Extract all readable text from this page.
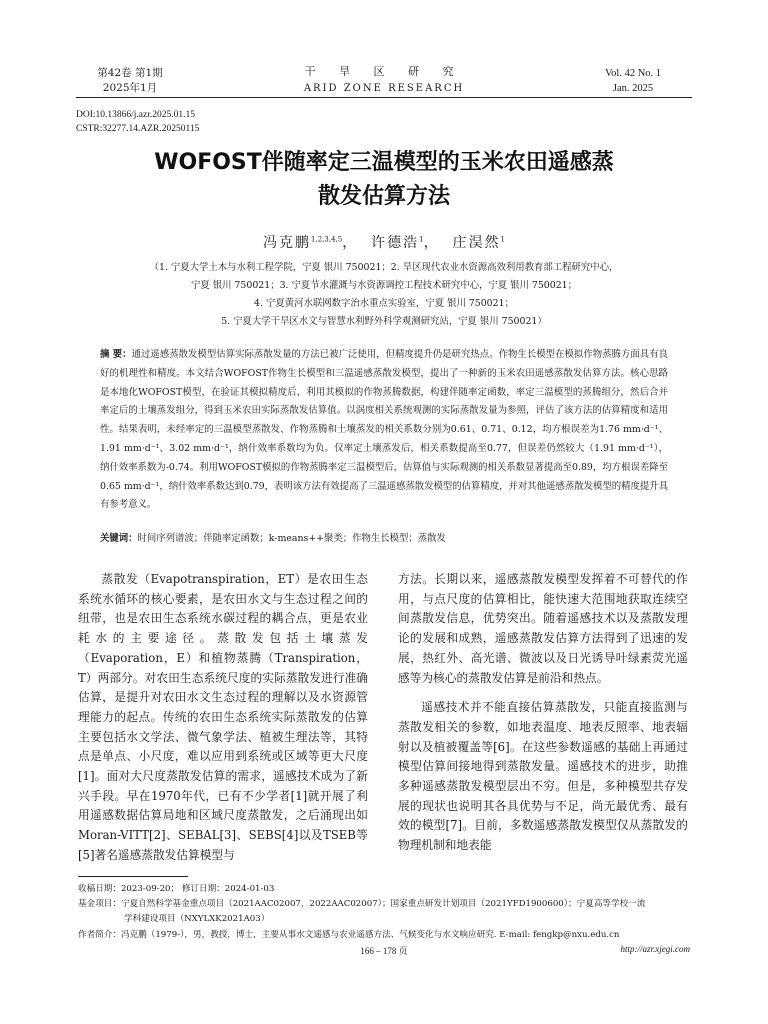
第42卷 第1期
2025年1月
干 旱 区 研 究
ARID ZONE RESEARCH
Vol. 42 No. 1
Jan. 2025
DOI:10.13866/j.azr.2025.01.15
CSTR:32277.14.AZR.20250115
WOFOST伴随率定三温模型的玉米农田遥感蒸
散发估算方法
冯克鹏$^{1,2,3,4,5}$，  许德浩$^1$，  庄淏然$^1$
（1. 宁夏大学土木与水利工程学院，宁夏 银川 750021；2. 旱区现代农业水资源高效利用教育部工程研究中心，
宁夏 银川 750021；3. 宁夏节水灌溉与水资源调控工程技术研究中心，宁夏 银川 750021；
4. 宁夏黄河水联网数字治水重点实验室，宁夏 银川 750021；
5. 宁夏大学干旱区水文与智慧水利野外科学观测研究站，宁夏 银川 750021）
摘 要：通过遥感蒸散发模型估算实际蒸散发量的方法已被广泛使用，但精度提升仍是研究热点。作物生长模型在模拟作物蒸腾方面具有良好的机理性和精度。本文结合WOFOST作物生长模型和三温遥感蒸散发模型，提出了一种新的玉米农田遥感蒸散发估算方法。核心思路是本地化WOFOST模型，在验证其模拟精度后，利用其模拟的作物蒸腾数据，构建伴随率定函数，率定三温模型的蒸腾组分，然后合并率定后的土壤蒸发组分，得到玉米农田实际蒸散发估算值。以涡度相关系统观测的实际蒸散发量为参照，评估了该方法的估算精度和适用性。结果表明，未经率定的三温模型蒸散发、作物蒸腾和土壤蒸发的相关系数分别为0.61、0.71、0.12，均方根误差为1.76 mm·d⁻¹、1.91 mm·d⁻¹、3.02 mm·d⁻¹，纳什效率系数均为负。仅率定土壤蒸发后，相关系数提高至0.77，但误差仍然较大（1.91 mm·d⁻¹），纳什效率系数为-0.74。利用WOFOST模拟的作物蒸腾率定三温模型后，估算值与实际观测的相关系数显著提高至0.89，均方根误差降至0.65 mm·d⁻¹，纳什效率系数达到0.79，表明该方法有效提高了三温遥感蒸散发模型的估算精度，并对其他遥感蒸散发模型的精度提升具有参考意义。
关键词：时间序列谱波；伴随率定函数；k-means++聚类；作物生长模型；蒸散发

蒸散发（Evapotranspiration，ET）是农田生态系统水循环的核心要素，是农田水文与生态过程之间的纽带，也是农田生态系统水碳过程的耦合点，更是农业耗水的主要途径。蒸散发包括土壤蒸发（Evaporation，E）和植物蒸腾（Transpiration，T）两部分。对农田生态系统尺度的实际蒸散发进行准确估算，是提升对农田水文生态过程的理解以及水资源管理能力的起点。传统的农田生态系统实际蒸散发的估算主要包括水文学法、微气象学法、植被生理法等，其特点是单点、小尺度，难以应用到系统或区域等更大尺度[1]。面对大尺度蒸散发估算的需求，遥感技术成为了新兴手段。早在1970年代，已有不少学者[1]就开展了利用遥感数据估算局地和区域尺度蒸散发，之后涌现出如Moran-VITT[2]、SEBAL[3]、SEBS[4]以及TSEB等[5]著名遥感蒸散发估算模型与

方法。长期以来，遥感蒸散发模型发挥着不可替代的作用，与点尺度的估算相比，能快速大范围地获取连续空间蒸散发信息，优势突出。随着遥感技术以及蒸散发理论的发展和成熟，遥感蒸散发估算方法得到了迅速的发展，热红外、高光谱、微波以及日光诱导叶绿素荧光遥感等为核心的蒸散发估算是前沿和热点。

遥感技术并不能直接估算蒸散发，只能直接监测与蒸散发相关的参数，如地表温度、地表反照率、地表辐射以及植被覆盖等[6]。在这些参数遥感的基础上再通过模型估算间接地得到蒸散发量。遥感技术的进步，助推多种遥感蒸散发模型层出不穷。但是，多种模型共存发展的现状也说明其各具优势与不足，尚无最优秀、最有效的模型[7]。目前，多数遥感蒸散发模型仅从蒸散发的物理机制和地表能

收稿日期：2023-09-20； 修订日期：2024-01-03
基金项目：宁夏自然科学基金重点项目（2021AAC02007，2022AAC02007）；国家重点研发计划项目（2021YFD1900600）；宁夏高等学校一流
学科建设项目（NXYLXK2021A03）
作者简介：冯克鹏（1979-），男，教授，博士，主要从事水文遥感与农业遥感方法、气候变化与水文响应研究. E-mail: fengkp@nxu.edu.cn
166 – 178 页	http://azr.xjegi.com
